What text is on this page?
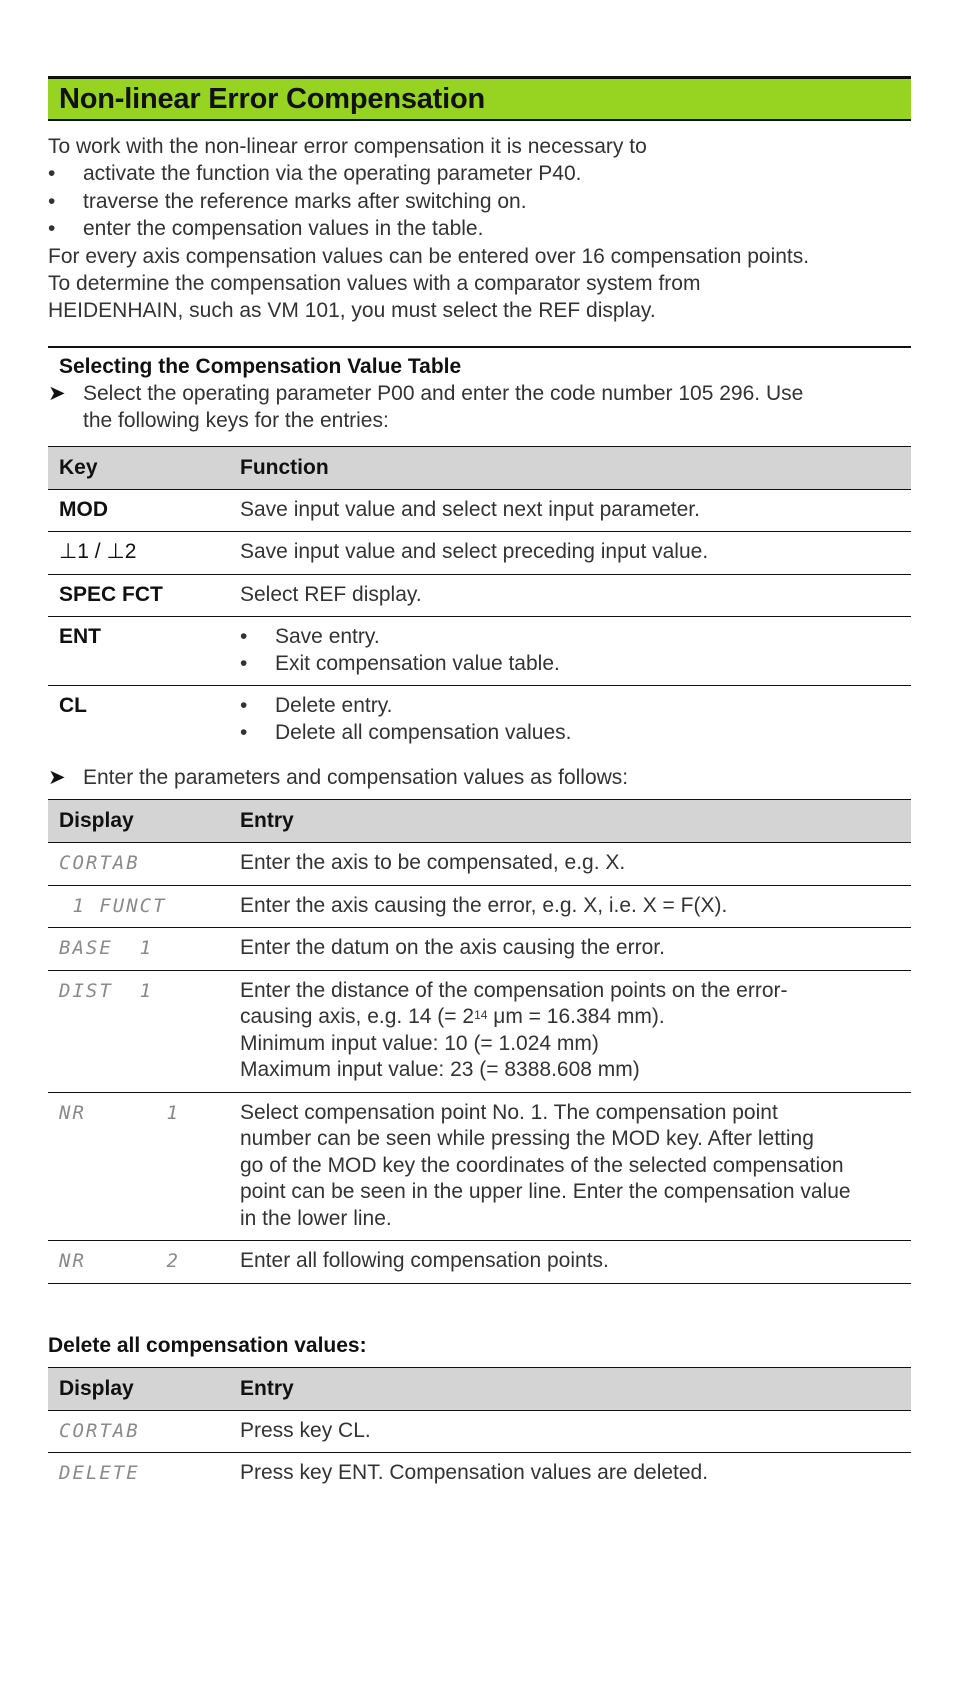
Non-linear Error Compensation
To work with the non-linear error compensation it is necessary to
•	activate the function via the operating parameter P40.
•	traverse the reference marks after switching on.
•	enter the compensation values in the table.
For every axis compensation values can be entered over 16 compensation points.
To determine the compensation values with a comparator system from
HEIDENHAIN, such as VM 101, you must select the REF display.
Selecting the Compensation Value Table
➤ Select the operating parameter P00 and enter the code number 105 296. Use
the following keys for the entries:
Key	Function
MOD	Save input value and select next input parameter.
⊥1 / ⊥2	Save input value and select preceding input value.
SPEC FCT	Select REF display.
ENT	• Save entry.
• Exit compensation value table.

CL	• Delete entry.
• Delete all compensation values.
➤ Enter the parameters and compensation values as follows:
Display	Entry
CORTAB	Enter the axis to be compensated, e.g. X.
1 FUNCT	Enter the axis causing the error, e.g. X, i.e. X = F(X).
BASE  1	Enter the datum on the axis causing the error.
DIST  1	Enter the distance of the compensation points on the error-
causing axis, e.g. 14 (= $2^{14}$ μm = 16.384 mm).
Minimum input value: 10 (= 1.024 mm)
Maximum input value: 23 (= 8388.608 mm)

NR      1	Select compensation point No. 1. The compensation point
number can be seen while pressing the MOD key. After letting
go of the MOD key the coordinates of the selected compensation
point can be seen in the upper line. Enter the compensation value
in the lower line.

NR      2	Enter all following compensation points.
Delete all compensation values:
Display	Entry
CORTAB	Press key CL.
DELETE	Press key ENT. Compensation values are deleted.
